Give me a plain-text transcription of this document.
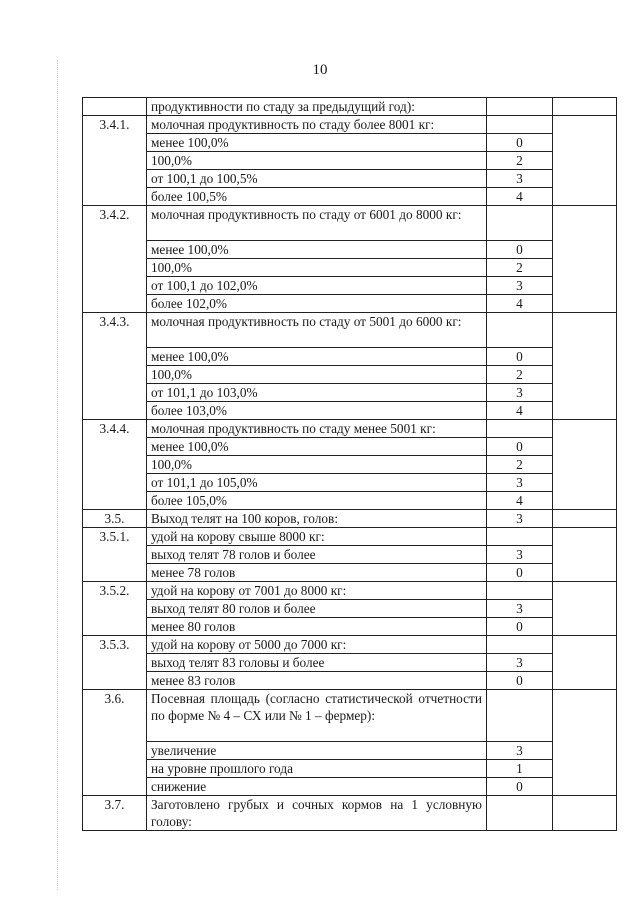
10
	продуктивности по стаду за предыдущий год):		
3.4.1.	молочная продуктивность по стаду более 8001 кг:		
	менее 100,0%	0	
	100,0%	2	
	от 100,1 до 100,5%	3	
	более 100,5%	4	
3.4.2.	молочная продуктивность по стаду от 6001 до 8000 кг:		
	менее 100,0%	0	
	100,0%	2	
	от 100,1 до 102,0%	3	
	более 102,0%	4	
3.4.3.	молочная продуктивность по стаду от 5001 до 6000 кг:		
	менее 100,0%	0	
	100,0%	2	
	от 101,1 до 103,0%	3	
	более 103,0%	4	
3.4.4.	молочная продуктивность по стаду менее 5001 кг:		
	менее 100,0%	0	
	100,0%	2	
	от 101,1 до 105,0%	3	
	более 105,0%	4	
3.5.	Выход телят на 100 коров, голов:	3	
3.5.1.	удой на корову свыше 8000 кг:		
	выход телят 78 голов и более	3	
	менее 78 голов	0	
3.5.2.	удой на корову от 7001 до 8000 кг:		
	выход телят 80 голов и более	3	
	менее 80 голов	0	
3.5.3.	удой на корову от 5000 до 7000 кг:		
	выход телят 83 головы и более	3	
	менее 83 голов	0	
3.6.	Посевная площадь (согласно статистической отчетности по форме № 4 – СХ или № 1 – фермер):		
	увеличение	3	
	на уровне прошлого года	1	
	снижение	0	
3.7.	Заготовлено грубых и сочных кормов на 1 условную голову:		
